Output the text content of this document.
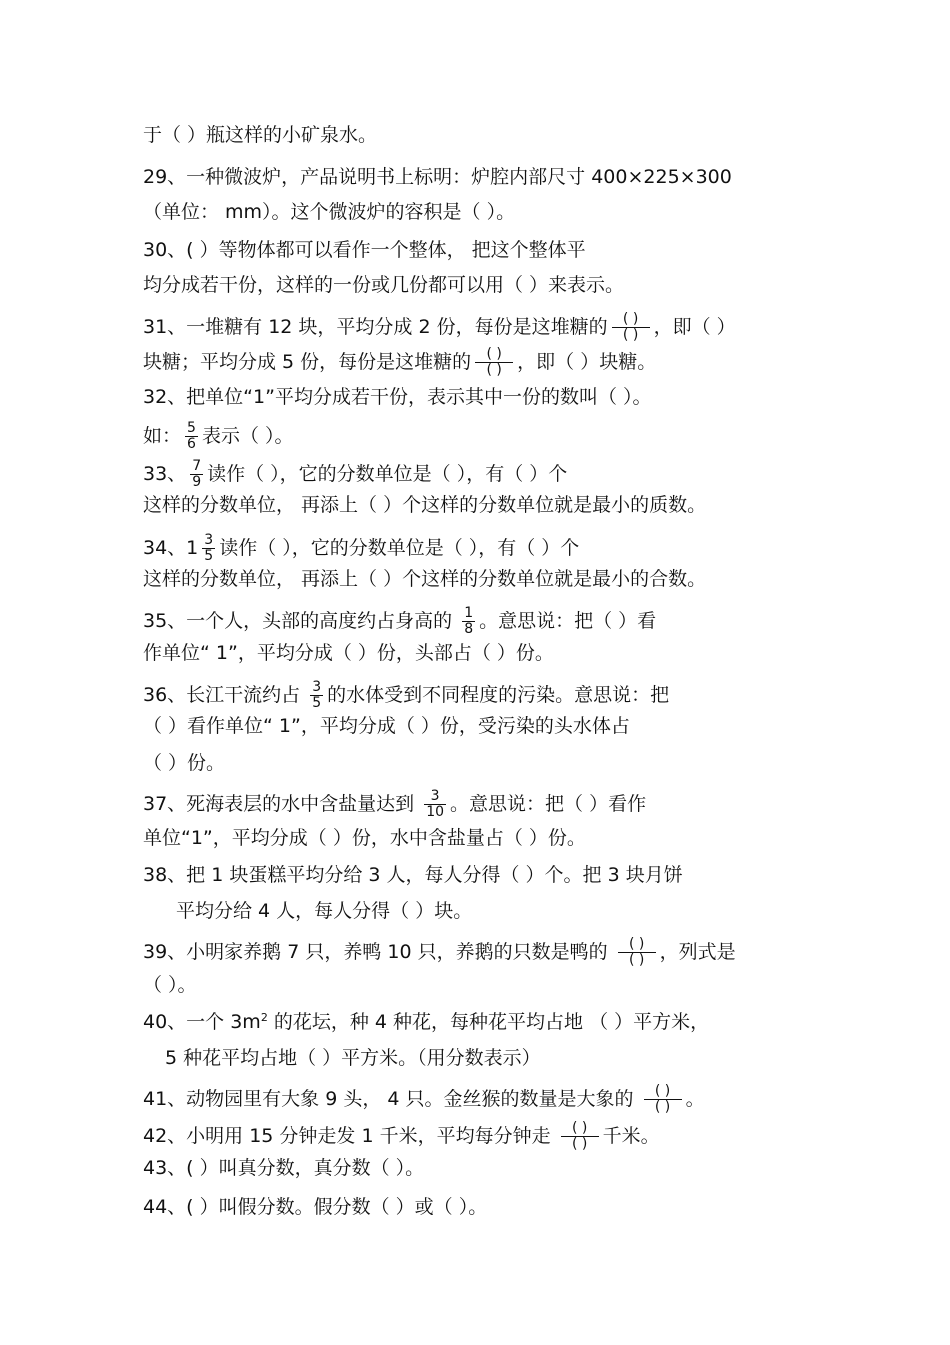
于（ ）瓶这样的小矿泉水。
29、一种微波炉，产品说明书上标明：炉腔内部尺寸 400×225×300
（单位： mm）。这个微波炉的容积是（ ）。
30、( ）等物体都可以看作一个整体， 把这个整体平
均分成若干份，这样的一份或几份都可以用（ ）来表示。
31、一堆糖有 12 块，平均分成 2 份，每份是这堆糖的 $\frac{( )}{( )}$ ，即（ ）
块糖；平均分成 5 份，每份是这堆糖的 $\frac{( )}{( )}$ ，即（ ）块糖。
32、把单位“1”平均分成若干份，表示其中一份的数叫（ ）。
如： $\frac{5}{6}$ 表示（ ）。
33、 $\frac{7}{9}$ 读作（ ），它的分数单位是（ ），有（ ）个
这样的分数单位， 再添上（ ）个这样的分数单位就是最小的质数。
34、$1 \frac{3}{5}$ 读作（ ），它的分数单位是（ ），有（ ）个
这样的分数单位， 再添上（ ）个这样的分数单位就是最小的合数。
35、一个人，头部的高度约占身高的 $\frac{1}{8}$ 。意思说：把（ ）看
作单位“ 1”，平均分成（ ）份，头部占（ ）份。
36、长江干流约占 $\frac{3}{5}$ 的水体受到不同程度的污染。意思说：把
（ ）看作单位“ 1”，平均分成（ ）份，受污染的头水体占
（ ）份。
37、死海表层的水中含盐量达到 $\frac{3}{10}$ 。意思说：把（ ）看作
单位“1”，平均分成（ ）份，水中含盐量占（ ）份。
38、把 1 块蛋糕平均分给 3 人，每人分得（ ）个。把 3 块月饼
平均分给 4 人，每人分得（ ）块。
39、小明家养鹅 7 只，养鸭 10 只，养鹅的只数是鸭的 $\frac{( )}{( )}$ ，列式是
（ ）。
40、一个 $3m^2$ 的花坛，种 4 种花，每种花平均占地 （ ）平方米，
5 种花平均占地（ ）平方米。（用分数表示）
41、动物园里有大象 9 头， 4 只。金丝猴的数量是大象的 $\frac{( )}{( )}$ 。
42、小明用 15 分钟走发 1 千米，平均每分钟走 $\frac{( )}{( )}$ 千米。
43、( ）叫真分数，真分数（ ）。
44、( ）叫假分数。假分数（ ）或（ ）。
